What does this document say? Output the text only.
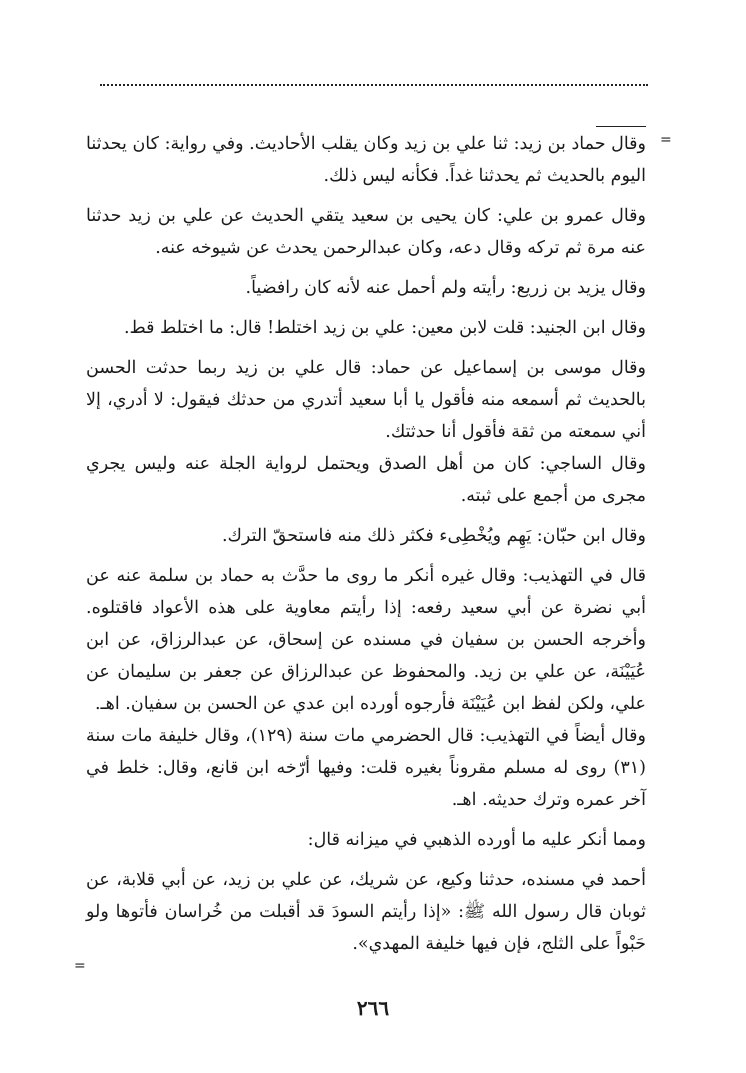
=
=

وقال حماد بن زيد: ثنا علي بن زيد وكان يقلب الأحاديث. وفي رواية: كان يحدثنا اليوم بالحديث ثم يحدثنا غداً. فكأنه ليس ذلك.

وقال عمرو بن علي: كان يحيى بن سعيد يتقي الحديث عن علي بن زيد حدثنا عنه مرة ثم تركه وقال دعه، وكان عبدالرحمن يحدث عن شيوخه عنه.

وقال يزيد بن زريع: رأيته ولم أحمل عنه لأنه كان رافضياً.

وقال ابن الجنيد: قلت لابن معين: علي بن زيد اختلط! قال: ما اختلط قط.

وقال موسى بن إسماعيل عن حماد: قال علي بن زيد ربما حدثت الحسن بالحديث ثم أسمعه منه فأقول يا أبا سعيد أتدري من حدثك فيقول: لا أدري، إلا أني سمعته من ثقة فأقول أنا حدثتك.

وقال الساجي: كان من أهل الصدق ويحتمل لرواية الجلة عنه وليس يجري مجرى من أجمع على ثبته.

وقال ابن حبّان: يَهِم ويُخْطِىء فكثر ذلك منه فاستحقّ الترك.

قال في التهذيب: وقال غيره أنكر ما روى ما حدَّث به حماد بن سلمة عنه عن أبي نضرة عن أبي سعيد رفعه: إذا رأيتم معاوية على هذه الأعواد فاقتلوه. وأخرجه الحسن بن سفيان في مسنده عن إسحاق، عن عبدالرزاق، عن ابن عُيَيْنَة، عن علي بن زيد. والمحفوظ عن عبدالرزاق عن جعفر بن سليمان عن علي، ولكن لفظ ابن عُيَيْنَة فأرجوه أورده ابن عدي عن الحسن بن سفيان. اهـ.

وقال أيضاً في التهذيب: قال الحضرمي مات سنة (١٢٩)، وقال خليفة مات سنة (٣١) روى له مسلم مقروناً بغيره قلت: وفيها أرّخه ابن قانع، وقال: خلط في آخر عمره وترك حديثه. اهـ.

ومما أنكر عليه ما أورده الذهبي في ميزانه قال:

أحمد في مسنده، حدثنا وكيع، عن شريك، عن علي بن زيد، عن أبي قلابة، عن ثوبان قال رسول الله ﷺ: «إذا رأيتم السودَ قد أقبلت من خُراسان فأتوها ولو حَبْواً على الثلج، فإن فيها خليفة المهدي».

٢٦٦
